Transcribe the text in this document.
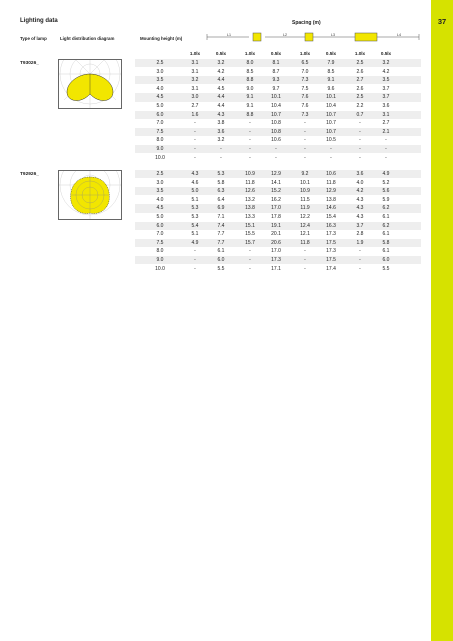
37
Lighting data	Spacing (m)
Type of lamp	Light distribution diagram	Mounting height (m)
L1	L2	L3	L4
1.0lx	0.5lx	1.0lx	0.5lx	1.0lx	0.5lx	1.0lx	0.5lx
T93026_
T92926_
2.5	3.1	3.2	8.0	8.1	6.5	7.9	2.5	3.2
3.0	3.1	4.2	8.5	8.7	7.0	8.5	2.6	4.2
3.5	3.2	4.4	8.8	9.3	7.3	9.1	2.7	3.5
4.0	3.1	4.5	9.0	9.7	7.5	9.6	2.6	3.7
4.5	3.0	4.4	9.1	10.1	7.6	10.1	2.5	3.7
5.0	2.7	4.4	9.1	10.4	7.6	10.4	2.2	3.6
6.0	1.6	4.3	8.8	10.7	7.3	10.7	0.7	3.1
7.0	-	3.8	-	10.8	-	10.7	-	2.7
7.5	-	3.6	-	10.8	-	10.7	-	2.1
8.0	-	3.2	-	10.6	-	10.5	-	-
9.0	-	-	-	-	-	-	-	-
10.0	-	-	-	-	-	-	-	-
2.5	4.3	5.3	10.9	12.9	9.2	10.6	3.6	4.9
3.0	4.6	5.8	11.8	14.1	10.1	11.8	4.0	5.2
3.5	5.0	6.3	12.6	15.2	10.9	12.9	4.2	5.6
4.0	5.1	6.4	13.2	16.2	11.5	13.8	4.3	5.9
4.5	5.3	6.9	13.8	17.0	11.9	14.6	4.3	6.2
5.0	5.3	7.1	13.3	17.8	12.2	15.4	4.3	6.1
6.0	5.4	7.4	15.1	19.1	12.4	16.3	3.7	6.2
7.0	5.1	7.7	15.5	20.1	12.1	17.3	2.8	6.1
7.5	4.9	7.7	15.7	20.6	11.8	17.5	1.9	5.8
8.0	-	6.1	-	17.0	-	17.3	-	6.1
9.0	-	6.0	-	17.3	-	17.5	-	6.0
10.0	-	5.5	-	17.1	-	17.4	-	5.5
